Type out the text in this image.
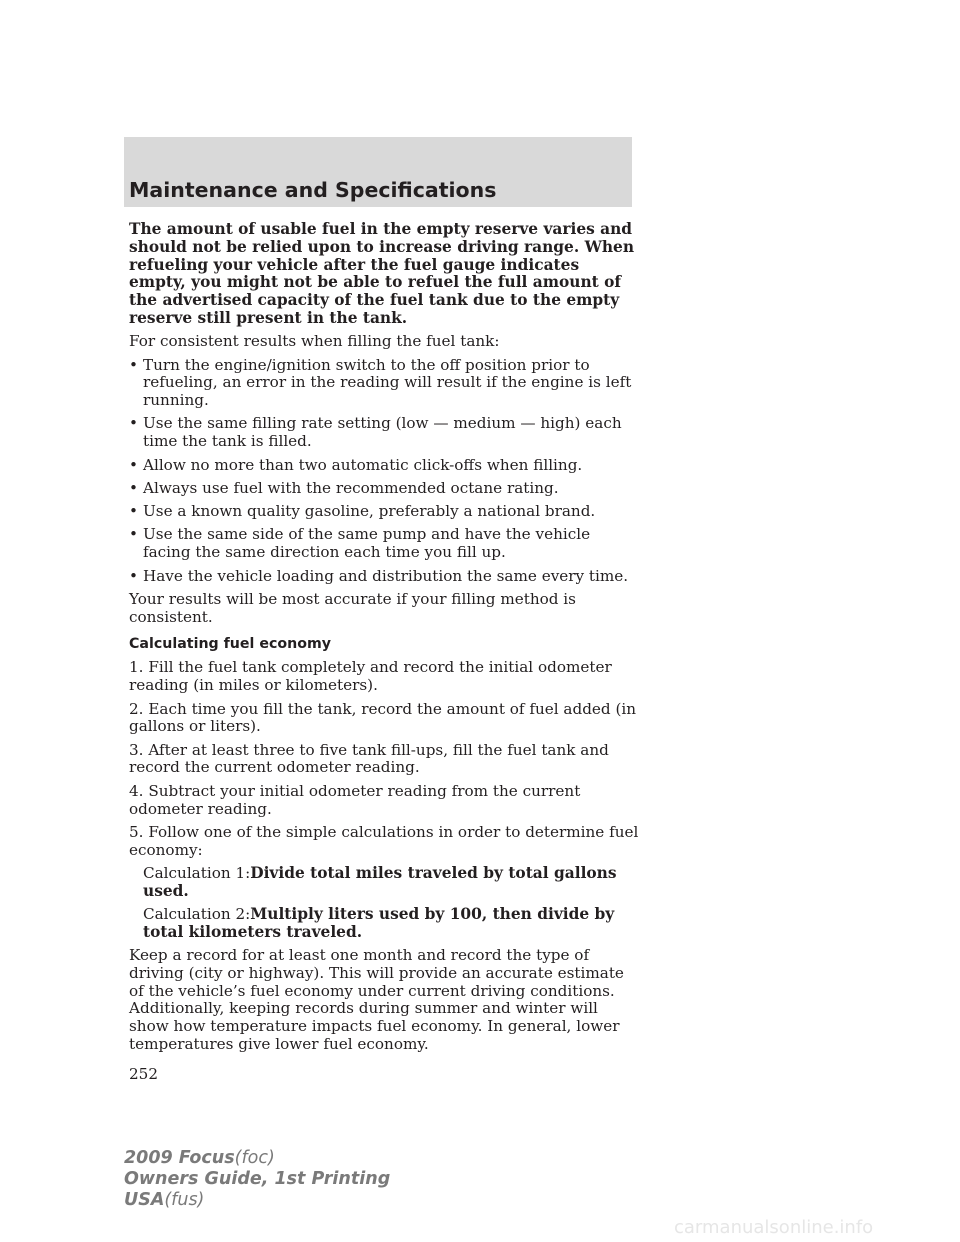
Maintenance and Specifications

The amount of usable fuel in the empty reserve varies and should not be relied upon to increase driving range. When refueling your vehicle after the fuel gauge indicates empty, you might not be able to refuel the full amount of the advertised capacity of the fuel tank due to the empty reserve still present in the tank.

For consistent results when filling the fuel tank:

• Turn the engine/ignition switch to the off position prior to refueling, an error in the reading will result if the engine is left running.
• Use the same filling rate setting (low — medium — high) each time the tank is filled.
• Allow no more than two automatic click-offs when filling.
• Always use fuel with the recommended octane rating.
• Use a known quality gasoline, preferably a national brand.
• Use the same side of the same pump and have the vehicle facing the same direction each time you fill up.
• Have the vehicle loading and distribution the same every time.

Your results will be most accurate if your filling method is consistent.

Calculating fuel economy

1. Fill the fuel tank completely and record the initial odometer reading (in miles or kilometers).

2. Each time you fill the tank, record the amount of fuel added (in gallons or liters).

3. After at least three to five tank fill-ups, fill the fuel tank and record the current odometer reading.

4. Subtract your initial odometer reading from the current odometer reading.

5. Follow one of the simple calculations in order to determine fuel economy:

Calculation 1:Divide total miles traveled by total gallons used.

Calculation 2:Multiply liters used by 100, then divide by total kilometers traveled.

Keep a record for at least one month and record the type of driving (city or highway). This will provide an accurate estimate of the vehicle’s fuel economy under current driving conditions. Additionally, keeping records during summer and winter will show how temperature impacts fuel economy. In general, lower temperatures give lower fuel economy.

252
2009 Focus(foc)
Owners Guide, 1st Printing
USA(fus)
carmanualsonline.info
